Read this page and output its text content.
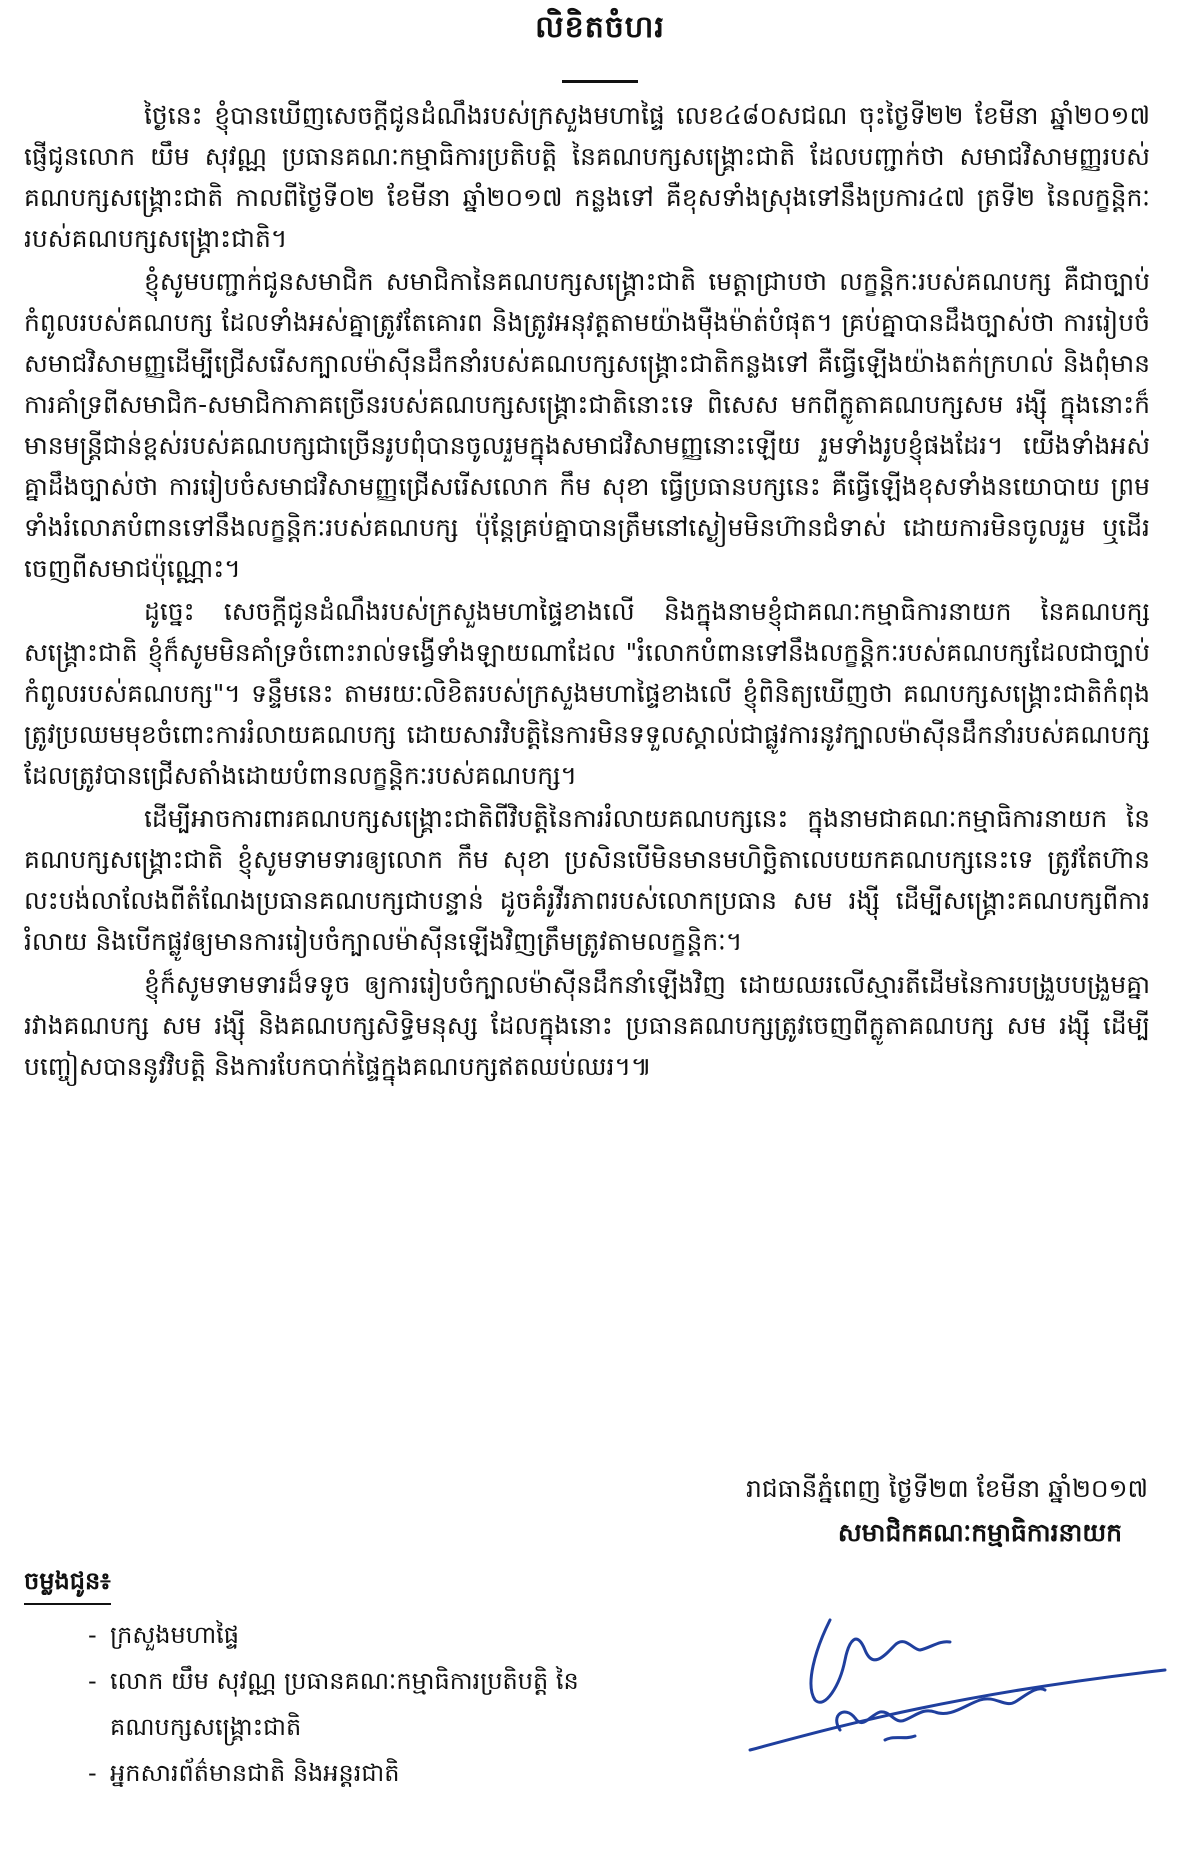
លិខិតចំហរ

ថ្ងៃនេះ ខ្ញុំបានឃើញសេចក្តីជូនដំណឹងរបស់ក្រសួងមហាផ្ទៃ លេខ៤៨០សជណ ចុះថ្ងៃទី២២ ខែមីនា ឆ្នាំ២០១៧ ផ្ញើជូនលោក យឹម សុវណ្ណ ប្រធានគណៈកម្មាធិការប្រតិបត្តិ នៃគណបក្សសង្គ្រោះជាតិ ដែលបញ្ជាក់ថា សមាជវិសាមញ្ញរបស់គណបក្សសង្គ្រោះជាតិ កាលពីថ្ងៃទី០២ ខែមីនា ឆ្នាំ២០១៧ កន្លងទៅ គឺខុសទាំងស្រុងទៅនឹងប្រការ៤៧ ត្រទី២ នៃលក្ខន្តិកៈរបស់គណបក្សសង្គ្រោះជាតិ។

ខ្ញុំសូមបញ្ជាក់ជូនសមាជិក សមាជិកានៃគណបក្សសង្គ្រោះជាតិ មេត្តាជ្រាបថា លក្ខន្តិកៈរបស់គណបក្ស គឺជាច្បាប់កំពូលរបស់គណបក្ស ដែលទាំងអស់គ្នាត្រូវតែគោរព និងត្រូវអនុវត្តតាមយ៉ាងម៉ឺងម៉ាត់បំផុត។ គ្រប់គ្នាបានដឹងច្បាស់ថា ការរៀបចំសមាជវិសាមញ្ញដើម្បីជ្រើសរើសក្បាលម៉ាស៊ីនដឹកនាំរបស់គណបក្សសង្គ្រោះជាតិកន្លងទៅ គឺធ្វើឡើងយ៉ាងតក់ក្រហល់ និងពុំមានការគាំទ្រពីសមាជិក-សមាជិកាភាគច្រើនរបស់គណបក្សសង្គ្រោះជាតិនោះទេ ពិសេស មកពីក្លូតាគណបក្សសម រង្ស៊ី ក្នុងនោះក៏មានមន្ត្រីជាន់ខ្ពស់របស់គណបក្សជាច្រើនរូបពុំបានចូលរួមក្នុងសមាជវិសាមញ្ញនោះឡើយ រួមទាំងរូបខ្ញុំផងដែរ។ យើងទាំងអស់គ្នាដឹងច្បាស់ថា ការរៀបចំសមាជវិសាមញ្ញជ្រើសរើសលោក កឹម សុខា ធ្វើប្រធានបក្សនេះ គឺធ្វើឡើងខុសទាំងនយោបាយ ព្រមទាំងរំលោភបំពានទៅនឹងលក្ខន្តិកៈរបស់គណបក្ស ប៉ុន្តែគ្រប់គ្នាបានត្រឹមនៅស្ងៀមមិនហ៊ានជំទាស់ ដោយការមិនចូលរួម ឬដើរចេញពីសមាជប៉ុណ្ណោះ។

ដូច្នេះ សេចក្តីជូនដំណឹងរបស់ក្រសួងមហាផ្ទៃខាងលើ និងក្នុងនាមខ្ញុំជាគណៈកម្មាធិការនាយក នៃគណបក្សសង្គ្រោះជាតិ ខ្ញុំក៏សូមមិនគាំទ្រចំពោះរាល់ទង្វើទាំងឡាយណាដែល "រំលោកបំពានទៅនឹងលក្ខន្តិកៈរបស់គណបក្សដែលជាច្បាប់កំពូលរបស់គណបក្ស"។ ទន្ទឹមនេះ តាមរយៈលិខិតរបស់ក្រសួងមហាផ្ទៃខាងលើ ខ្ញុំពិនិត្យឃើញថា គណបក្សសង្គ្រោះជាតិកំពុងត្រូវប្រឈមមុខចំពោះការរំលាយគណបក្ស ដោយសារវិបត្តិនៃការមិនទទួលស្គាល់ជាផ្លូវការនូវក្បាលម៉ាស៊ីនដឹកនាំរបស់គណបក្សដែលត្រូវបានជ្រើសតាំងដោយបំពានលក្ខន្តិកៈរបស់គណបក្ស។

ដើម្បីអាចការពារគណបក្សសង្គ្រោះជាតិពីវិបត្តិនៃការរំលាយគណបក្សនេះ ក្នុងនាមជាគណៈកម្មាធិការនាយក នៃគណបក្សសង្គ្រោះជាតិ ខ្ញុំសូមទាមទារឲ្យលោក កឹម សុខា ប្រសិនបើមិនមានមហិច្ឆិតាលេបយកគណបក្សនេះទេ ត្រូវតែហ៊ានលះបង់លាលែងពីតំណែងប្រធានគណបក្សជាបន្ទាន់ ដូចគំរូវីរភាពរបស់លោកប្រធាន សម រង្ស៊ី ដើម្បីសង្គ្រោះគណបក្សពីការរំលាយ និងបើកផ្លូវឲ្យមានការរៀបចំក្បាលម៉ាស៊ីនឡើងវិញត្រឹមត្រូវតាមលក្ខន្តិកៈ។

ខ្ញុំក៏សូមទាមទារដ៏ទទូច ឲ្យការរៀបចំក្បាលម៉ាស៊ីនដឹកនាំឡើងវិញ ដោយឈរលើស្មារតីដើមនៃការបង្រួបបង្រួមគ្នារវាងគណបក្ស សម រង្ស៊ី និងគណបក្សសិទ្ធិមនុស្ស ដែលក្នុងនោះ ប្រធានគណបក្សត្រូវចេញពីក្លូតាគណបក្ស សម រង្ស៊ី ដើម្បីបញ្ចៀសបាននូវវិបត្តិ និងការបែកបាក់ផ្ទៃក្នុងគណបក្សឥតឈប់ឈរ។៕

រាជធានីភ្នំពេញ ថ្ងៃទី២៣ ខែមីនា ឆ្នាំ២០១៧
សមាជិកគណៈកម្មាធិការនាយក
ចម្លងជូន៖
- ក្រសួងមហាផ្ទៃ
- លោក យឹម សុវណ្ណ ប្រធានគណៈកម្មាធិការប្រតិបត្តិ នៃគណបក្សសង្គ្រោះជាតិ
- អ្នកសារព័ត៌មានជាតិ និងអន្តរជាតិ
